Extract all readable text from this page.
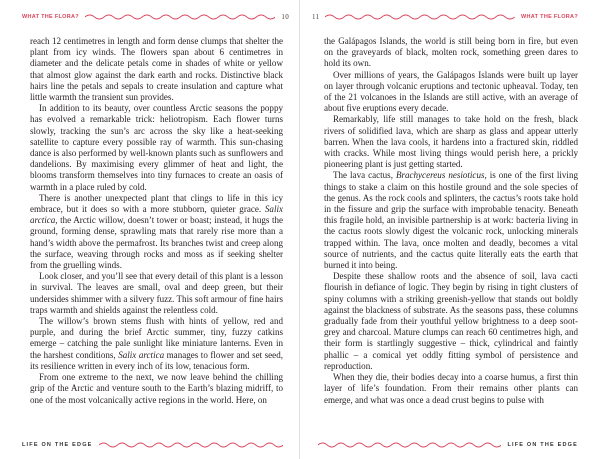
WHAT THE FLORA?	10

reach 12 centimetres in length and form dense clumps that shelter the plant from icy winds. The flowers span about 6 centimetres in diameter and the delicate petals come in shades of white or yellow that almost glow against the dark earth and rocks. Distinctive black hairs line the petals and sepals to create insulation and capture what little warmth the transient sun provides.

In addition to its beauty, over countless Arctic seasons the poppy has evolved a remarkable trick: heliotropism. Each flower turns slowly, tracking the sun’s arc across the sky like a heat-seeking satellite to capture every possible ray of warmth. This sun-chasing dance is also performed by well-known plants such as sunflowers and dandelions. By maximising every glimmer of heat and light, the blooms transform themselves into tiny furnaces to create an oasis of warmth in a place ruled by cold.

There is another unexpected plant that clings to life in this icy embrace, but it does so with a more stubborn, quieter grace. Salix arctica, the Arctic willow, doesn’t tower or boast; instead, it hugs the ground, forming dense, sprawling mats that rarely rise more than a hand’s width above the permafrost. Its branches twist and creep along the surface, weaving through rocks and moss as if seeking shelter from the gruelling winds.

Look closer, and you’ll see that every detail of this plant is a lesson in survival. The leaves are small, oval and deep green, but their undersides shimmer with a silvery fuzz. This soft armour of fine hairs traps warmth and shields against the relentless cold.

The willow’s brown stems flush with hints of yellow, red and purple, and during the brief Arctic summer, tiny, fuzzy catkins emerge – catching the pale sunlight like miniature lanterns. Even in the harshest conditions, Salix arctica manages to flower and set seed, its resilience written in every inch of its low, tenacious form.

From one extreme to the next, we now leave behind the chilling grip of the Arctic and venture south to the Earth’s blazing midriff, to one of the most volcanically active regions in the world. Here, on

LIFE ON THE EDGE
11	WHAT THE FLORA?

the Galápagos Islands, the world is still being born in fire, but even on the graveyards of black, molten rock, something green dares to hold its own.

Over millions of years, the Galápagos Islands were built up layer on layer through volcanic eruptions and tectonic upheaval. Today, ten of the 21 volcanoes in the Islands are still active, with an average of about five eruptions every decade.

Remarkably, life still manages to take hold on the fresh, black rivers of solidified lava, which are sharp as glass and appear utterly barren. When the lava cools, it hardens into a fractured skin, riddled with cracks. While most living things would perish here, a prickly pioneering plant is just getting started.

The lava cactus, Brachycereus nesioticus, is one of the first living things to stake a claim on this hostile ground and the sole species of the genus. As the rock cools and splinters, the cactus’s roots take hold in the fissure and grip the surface with improbable tenacity. Beneath this fragile hold, an invisible partnership is at work: bacteria living in the cactus roots slowly digest the volcanic rock, unlocking minerals trapped within. The lava, once molten and deadly, becomes a vital source of nutrients, and the cactus quite literally eats the earth that burned it into being.

Despite these shallow roots and the absence of soil, lava cacti flourish in defiance of logic. They begin by rising in tight clusters of spiny columns with a striking greenish-yellow that stands out boldly against the blackness of substrate. As the seasons pass, these columns gradually fade from their youthful yellow brightness to a deep soot-grey and charcoal. Mature clumps can reach 60 centimetres high, and their form is startlingly suggestive – thick, cylindrical and faintly phallic – a comical yet oddly fitting symbol of persistence and reproduction.

When they die, their bodies decay into a coarse humus, a first thin layer of life’s foundation. From their remains other plants can emerge, and what was once a dead crust begins to pulse with

LIFE ON THE EDGE
